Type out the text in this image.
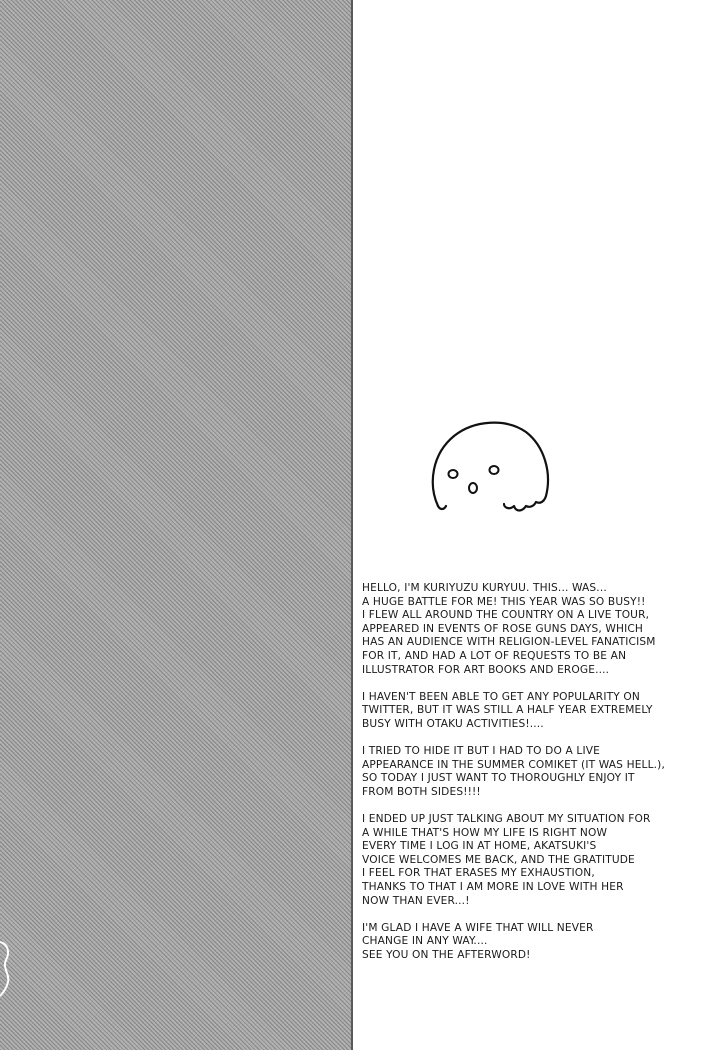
HELLO, I'M KURIYUZU KURYUU. THIS... WAS...
A HUGE BATTLE FOR ME! THIS YEAR WAS SO BUSY!!
I FLEW ALL AROUND THE COUNTRY ON A LIVE TOUR,
APPEARED IN EVENTS OF ROSE GUNS DAYS, WHICH
HAS AN AUDIENCE WITH RELIGION-LEVEL FANATICISM
FOR IT, AND HAD A LOT OF REQUESTS TO BE AN
ILLUSTRATOR FOR ART BOOKS AND EROGE....

I HAVEN'T BEEN ABLE TO GET ANY POPULARITY ON
TWITTER, BUT IT WAS STILL A HALF YEAR EXTREMELY
BUSY WITH OTAKU ACTIVITIES!....

I TRIED TO HIDE IT BUT I HAD TO DO A LIVE
APPEARANCE IN THE SUMMER COMIKET (IT WAS HELL.),
SO TODAY I JUST WANT TO THOROUGHLY ENJOY IT
FROM BOTH SIDES!!!!

I ENDED UP JUST TALKING ABOUT MY SITUATION FOR
A WHILE THAT'S HOW MY LIFE IS RIGHT NOW
EVERY TIME I LOG IN AT HOME, AKATSUKI'S
VOICE WELCOMES ME BACK, AND THE GRATITUDE
I FEEL FOR THAT ERASES MY EXHAUSTION,
THANKS TO THAT I AM MORE IN LOVE WITH HER
NOW THAN EVER...!

I'M GLAD I HAVE A WIFE THAT WILL NEVER
CHANGE IN ANY WAY....
SEE YOU ON THE AFTERWORD!
